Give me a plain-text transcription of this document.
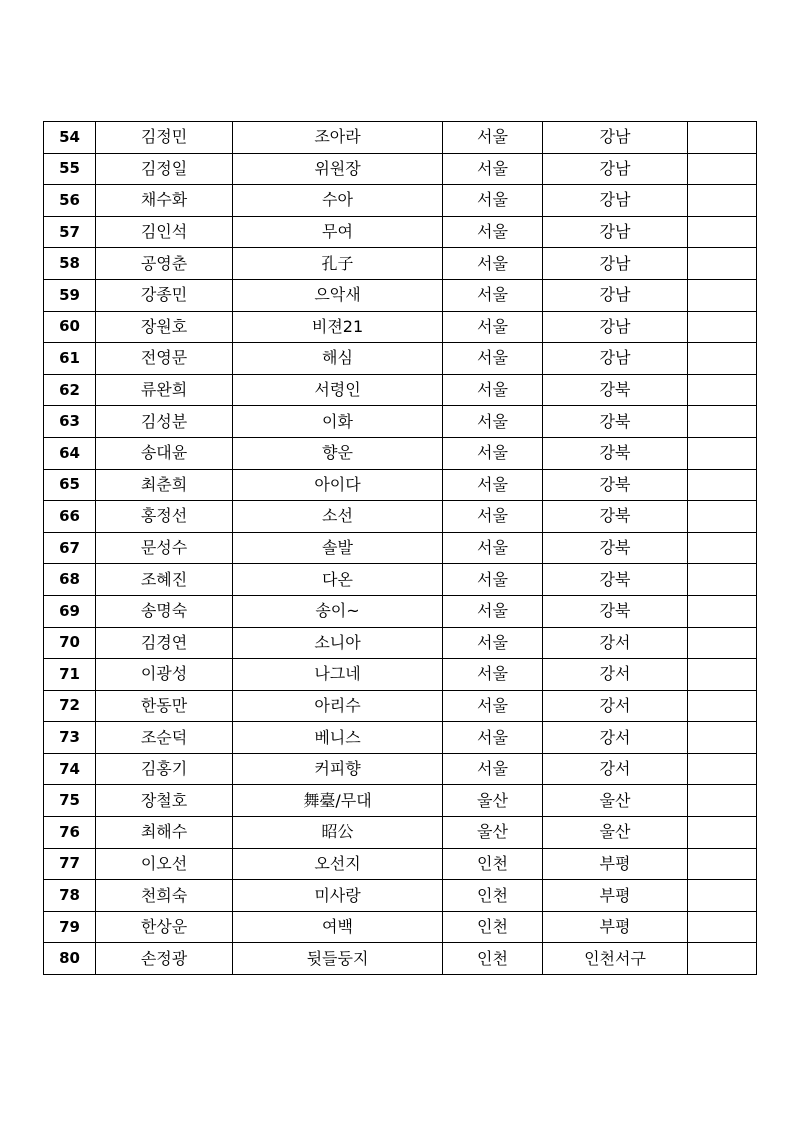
54	김정민	조아라	서울	강남	
55	김정일	위원장	서울	강남	
56	채수화	수아	서울	강남	
57	김인석	무여	서울	강남	
58	공영춘	孔子	서울	강남	
59	강종민	으악새	서울	강남	
60	장원호	비젼21	서울	강남	
61	전영문	해심	서울	강남	
62	류완희	서령인	서울	강북	
63	김성분	이화	서울	강북	
64	송대윤	향운	서울	강북	
65	최춘희	아이다	서울	강북	
66	홍정선	소선	서울	강북	
67	문성수	솔발	서울	강북	
68	조혜진	다온	서울	강북	
69	송명숙	송이~	서울	강북	
70	김경연	소니아	서울	강서	
71	이광성	나그네	서울	강서	
72	한동만	아리수	서울	강서	
73	조순덕	베니스	서울	강서	
74	김홍기	커피향	서울	강서	
75	장철호	舞臺/무대	울산	울산	
76	최해수	昭公	울산	울산	
77	이오선	오선지	인천	부평	
78	천희숙	미사랑	인천	부평	
79	한상운	여백	인천	부평	
80	손정광	뒷들둥지	인천	인천서구	
